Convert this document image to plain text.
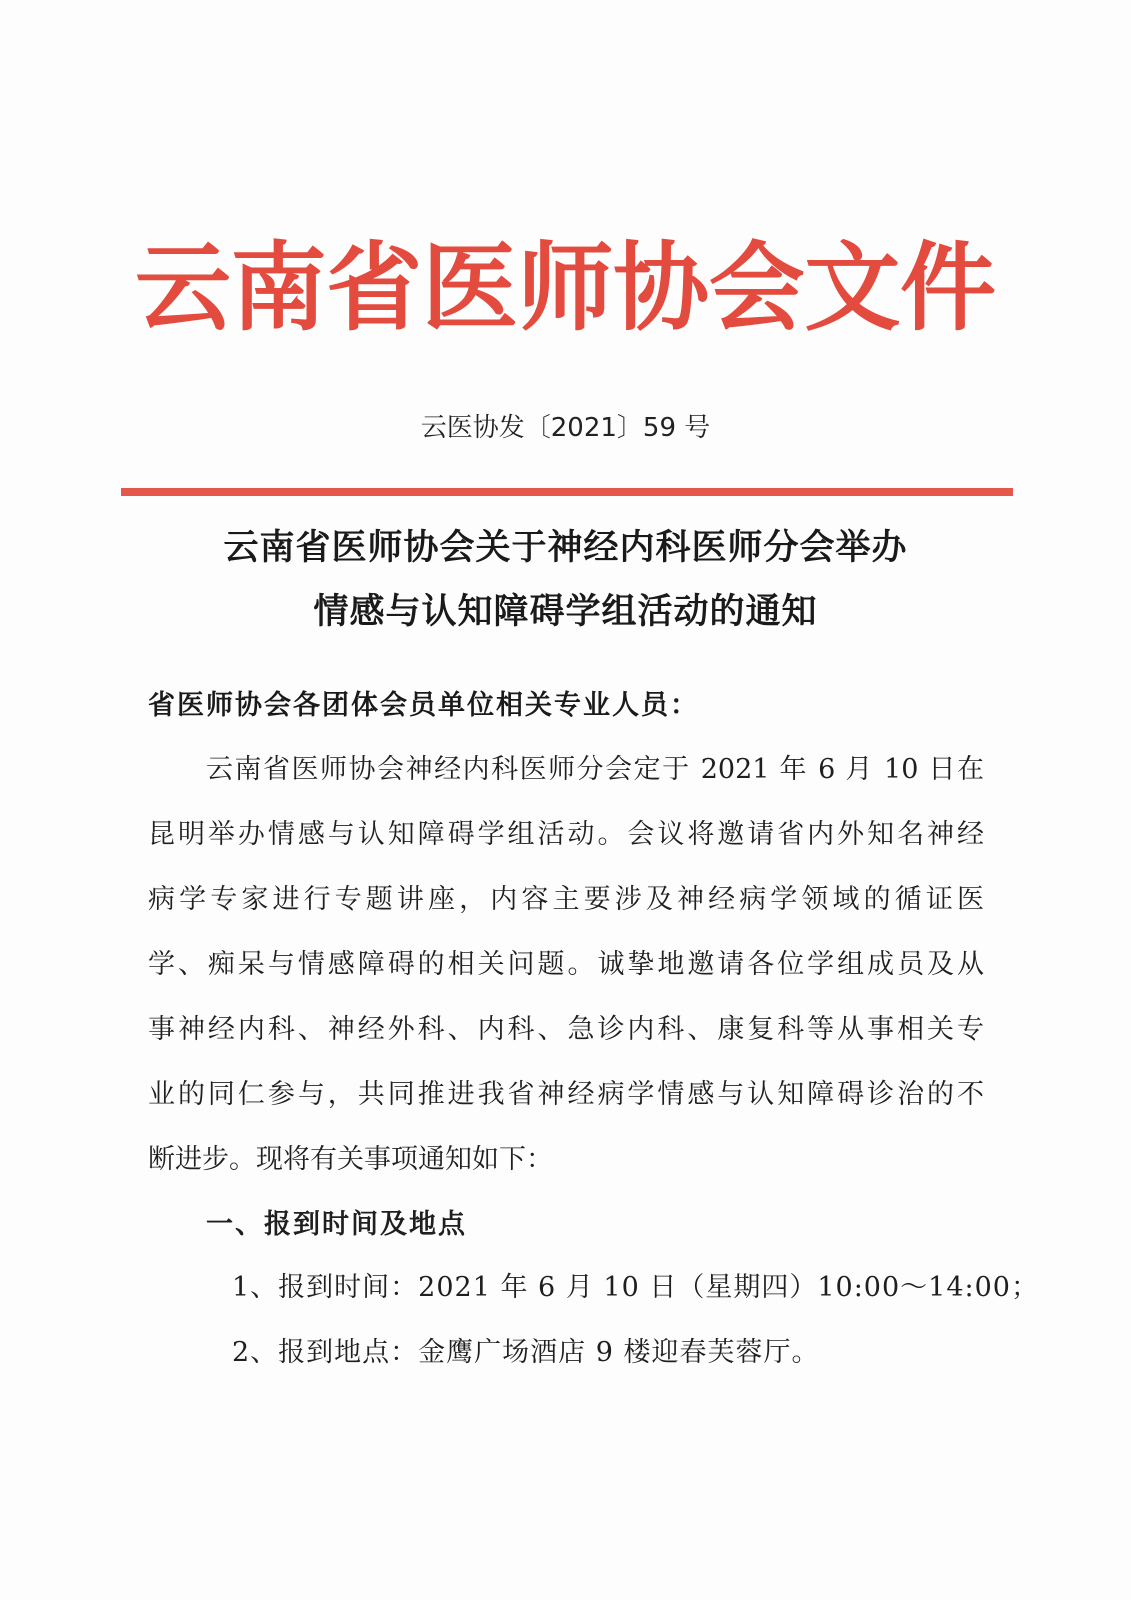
云 南 省 医 师 协 会 文 件
云医协发〔2021〕59 号
云南省医师协会关于神经内科医师分会举办
情感与认知障碍学组活动的通知
省医师协会各团体会员单位相关专业人员：
云南省医师协会神经内科医师分会定于 2021 年 6 月 10 日在
昆明举办情感与认知障碍学组活动。会议将邀请省内外知名神经
病学专家进行专题讲座，内容主要涉及神经病学领域的循证医
学、痴呆与情感障碍的相关问题。诚挚地邀请各位学组成员及从
事神经内科、神经外科、内科、急诊内科、康复科等从事相关专
业的同仁参与，共同推进我省神经病学情感与认知障碍诊治的不
断进步。现将有关事项通知如下：
一、报到时间及地点
1、报到时间：2021 年 6 月 10 日（星期四）10:00～14:00；
2、报到地点：金鹰广场酒店 9 楼迎春芙蓉厅。
